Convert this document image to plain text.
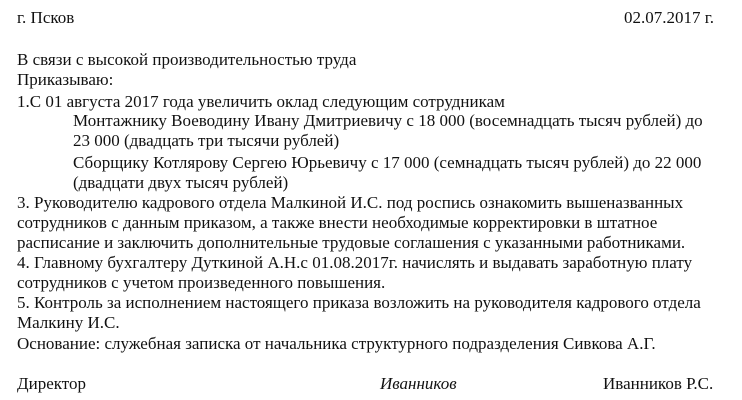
г. Псков	02.07.2017 г.
В связи с высокой производительностью труда
Приказываю:
1.С 01 августа 2017 года увеличить оклад следующим сотрудникам
Монтажнику Воеводину Ивану Дмитриевичу с 18 000 (восемнадцать тысяч рублей) до
23 000 (двадцать три тысячи рублей)
Сборщику Котлярову Сергею Юрьевичу с 17 000 (семнадцать тысяч рублей) до 22 000
(двадцати двух тысяч рублей)
3. Руководителю кадрового отдела Малкиной И.С. под роспись ознакомить вышеназванных
сотрудников с данным приказом, а также внести необходимые корректировки в штатное
расписание и заключить дополнительные трудовые соглашения с указанными работниками.
4. Главному бухгалтеру Дуткиной А.Н.с 01.08.2017г. начислять и выдавать заработную плату
сотрудников с учетом произведенного повышения.
5. Контроль за исполнением настоящего приказа возложить на руководителя кадрового отдела
Малкину И.С.
Основание: служебная записка от начальника структурного подразделения Сивкова А.Г.
Директор	Иванников	Иванников Р.С.
